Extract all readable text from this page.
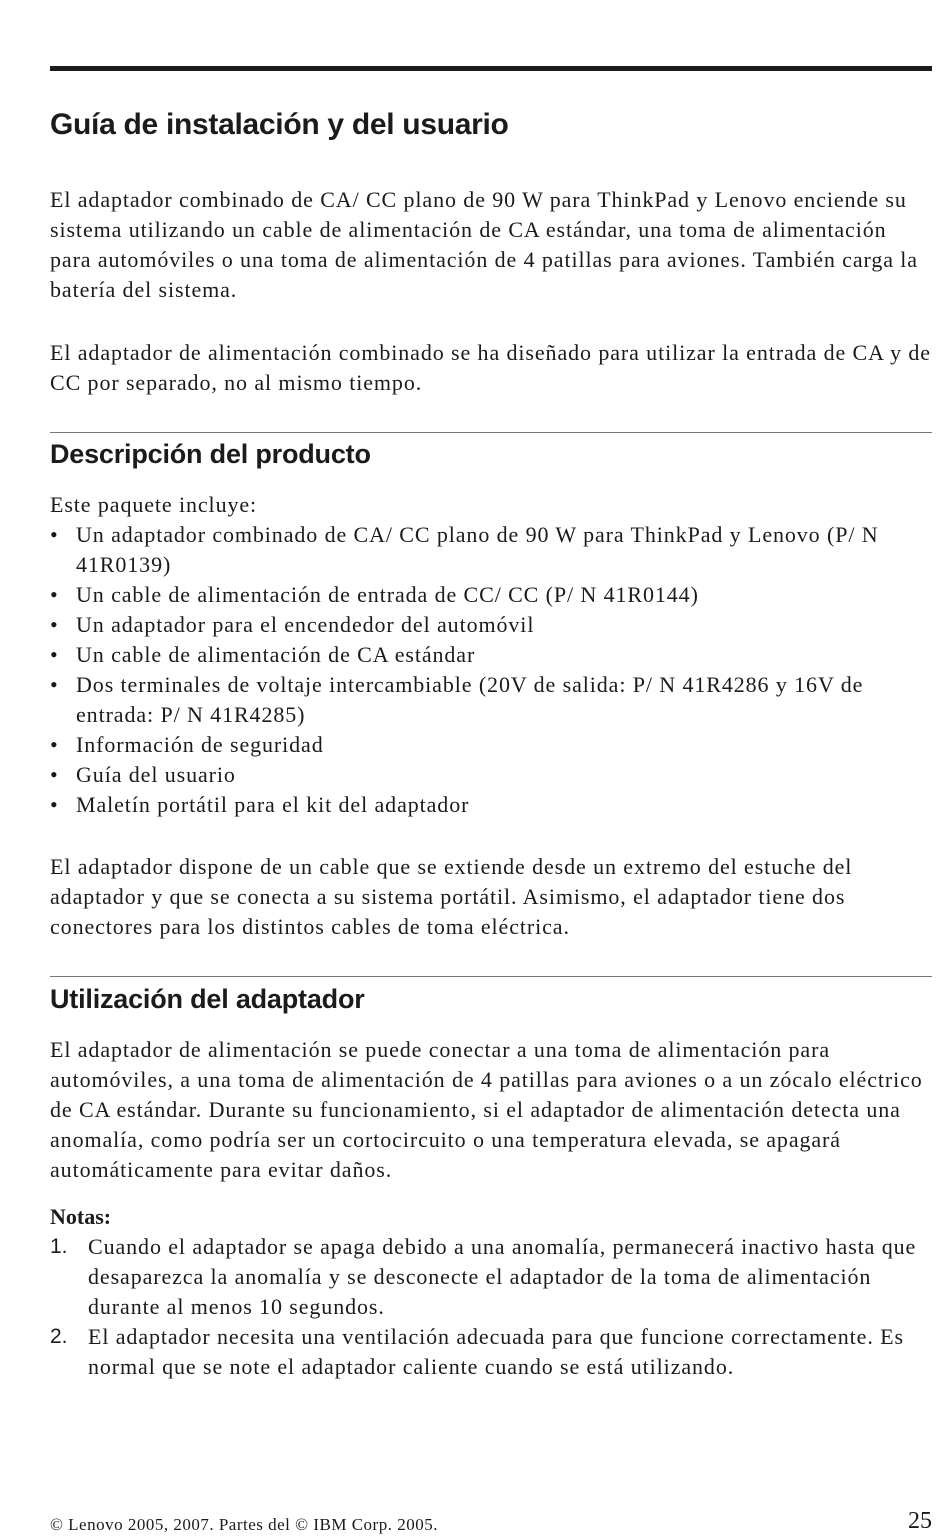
Guía de instalación y del usuario

El adaptador combinado de CA/ CC plano de 90 W para ThinkPad y Lenovo enciende su sistema utilizando un cable de alimentación de CA estándar, una toma de alimentación para automóviles o una toma de alimentación de 4 patillas para aviones. También carga la batería del sistema.

El adaptador de alimentación combinado se ha diseñado para utilizar la entrada de CA y de CC por separado, no al mismo tiempo.

Descripción del producto
Este paquete incluye:
• Un adaptador combinado de CA/ CC plano de 90 W para ThinkPad y Lenovo (P/ N 41R0139)
• Un cable de alimentación de entrada de CC/ CC (P/ N 41R0144)
• Un adaptador para el encendedor del automóvil
• Un cable de alimentación de CA estándar
• Dos terminales de voltaje intercambiable (20V de salida: P/ N 41R4286 y 16V de entrada: P/ N 41R4285)
• Información de seguridad
• Guía del usuario
• Maletín portátil para el kit del adaptador

El adaptador dispone de un cable que se extiende desde un extremo del estuche del adaptador y que se conecta a su sistema portátil. Asimismo, el adaptador tiene dos conectores para los distintos cables de toma eléctrica.

Utilización del adaptador

El adaptador de alimentación se puede conectar a una toma de alimentación para automóviles, a una toma de alimentación de 4 patillas para aviones o a un zócalo eléctrico de CA estándar. Durante su funcionamiento, si el adaptador de alimentación detecta una anomalía, como podría ser un cortocircuito o una temperatura elevada, se apagará automáticamente para evitar daños.

Notas:
1. Cuando el adaptador se apaga debido a una anomalía, permanecerá inactivo hasta que desaparezca la anomalía y se desconecte el adaptador de la toma de alimentación durante al menos 10 segundos.
2. El adaptador necesita una ventilación adecuada para que funcione correctamente. Es normal que se note el adaptador caliente cuando se está utilizando.
© Lenovo 2005, 2007. Partes del © IBM Corp. 2005.	25
